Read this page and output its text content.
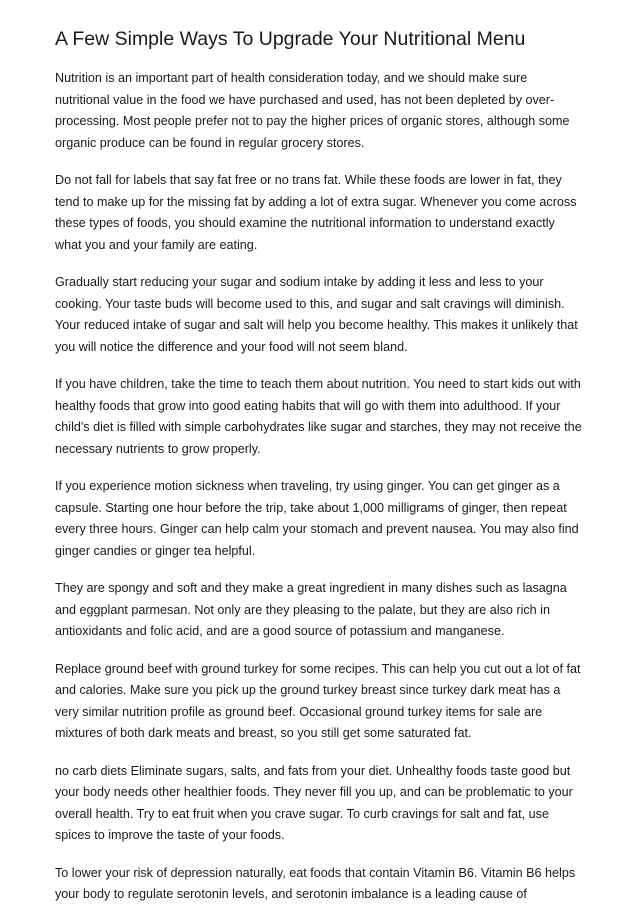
A Few Simple Ways To Upgrade Your Nutritional Menu

Nutrition is an important part of health consideration today, and we should make sure nutritional value in the food we have purchased and used, has not been depleted by over-processing. Most people prefer not to pay the higher prices of organic stores, although some organic produce can be found in regular grocery stores.

Do not fall for labels that say fat free or no trans fat. While these foods are lower in fat, they tend to make up for the missing fat by adding a lot of extra sugar. Whenever you come across these types of foods, you should examine the nutritional information to understand exactly what you and your family are eating.

Gradually start reducing your sugar and sodium intake by adding it less and less to your cooking. Your taste buds will become used to this, and sugar and salt cravings will diminish. Your reduced intake of sugar and salt will help you become healthy. This makes it unlikely that you will notice the difference and your food will not seem bland.

If you have children, take the time to teach them about nutrition. You need to start kids out with healthy foods that grow into good eating habits that will go with them into adulthood. If your child's diet is filled with simple carbohydrates like sugar and starches, they may not receive the necessary nutrients to grow properly.

If you experience motion sickness when traveling, try using ginger. You can get ginger as a capsule. Starting one hour before the trip, take about 1,000 milligrams of ginger, then repeat every three hours. Ginger can help calm your stomach and prevent nausea. You may also find ginger candies or ginger tea helpful.

They are spongy and soft and they make a great ingredient in many dishes such as lasagna and eggplant parmesan. Not only are they pleasing to the palate, but they are also rich in antioxidants and folic acid, and are a good source of potassium and manganese.

Replace ground beef with ground turkey for some recipes. This can help you cut out a lot of fat and calories. Make sure you pick up the ground turkey breast since turkey dark meat has a very similar nutrition profile as ground beef. Occasional ground turkey items for sale are mixtures of both dark meats and breast, so you still get some saturated fat.

no carb diets Eliminate sugars, salts, and fats from your diet. Unhealthy foods taste good but your body needs other healthier foods. They never fill you up, and can be problematic to your overall health. Try to eat fruit when you crave sugar. To curb cravings for salt and fat, use spices to improve the taste of your foods.

To lower your risk of depression naturally, eat foods that contain Vitamin B6. Vitamin B6 helps your body to regulate serotonin levels, and serotonin imbalance is a leading cause of
